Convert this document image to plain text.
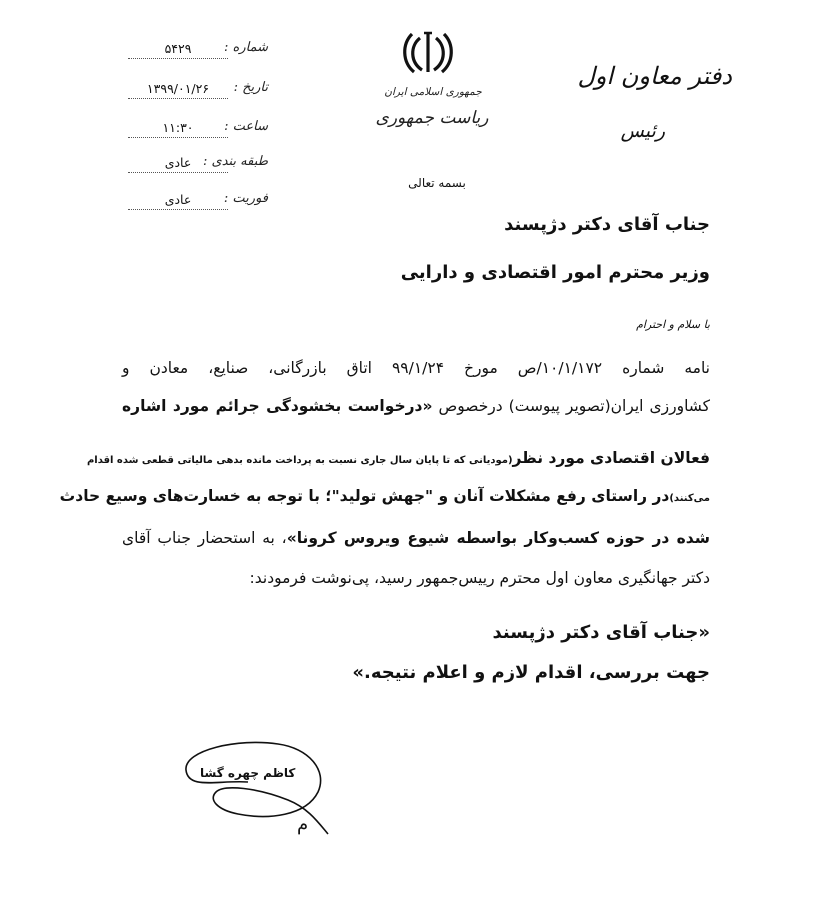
شماره :
۵۴۲۹
تاریخ :
۱۳۹۹/۰۱/۲۶
ساعت :
۱۱:۳۰
طبقه بندی :
عادی
فوریت :
عادی
جمهوری اسلامی ایران
ریاست جمهوری
دفتر معاون اول
رئیس
بسمه تعالی
جناب آقای دکتر دژپسند
وزیر محترم امور اقتصادی و دارایی
با سلام و احترام
نامه شماره ۱۰/۱/۱۷۲/ص مورخ ۹۹/۱/۲۴ اتاق بازرگانی، صنایع، معادن و
کشاورزی ایران(تصویر پیوست) درخصوص «درخواست بخشودگی جرائم مورد اشاره
فعالان اقتصادی مورد نظر(مودیانی که تا پایان سال جاری نسبت به پرداخت مانده بدهی مالیاتی قطعی شده اقدام
می‌کنند)در راستای رفع مشکلات آنان و "جهش تولید"؛ با توجه به خسارت‌های وسیع حادث
شده در حوزه کسب‌وکار بواسطه شیوع ویروس کرونا»، به استحضار جناب آقای
دکتر جهانگیری معاون اول محترم رییس‌جمهور رسید، پی‌نوشت فرمودند:
«جناب آقای دکتر دژپسند
جهت بررسی، اقدام لازم و اعلام نتیجه.»
کاظم چهره گشا
م
